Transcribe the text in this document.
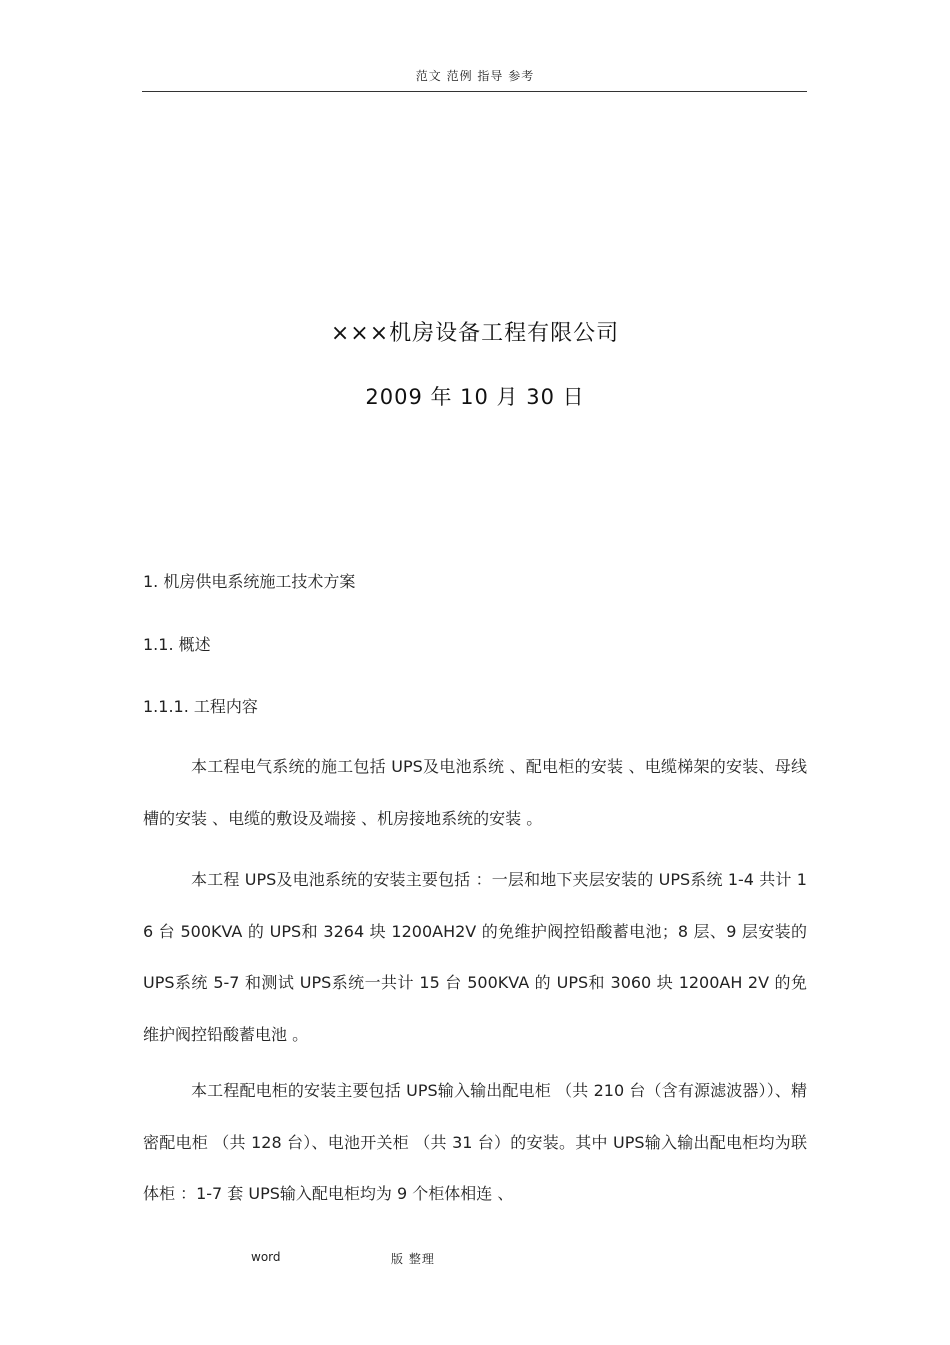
范文 范例 指导 参考
×××机房设备工程有限公司
2009 年 10 月 30 日
1. 机房供电系统施工技术方案
1.1. 概述
1.1.1. 工程内容

本工程电气系统的施工包括 UPS及电池系统 、配电柜的安装 、电缆梯架的安装、母线槽的安装 、电缆的敷设及端接 、机房接地系统的安装 。

本工程 UPS及电池系统的安装主要包括 ：一层和地下夹层安装的 UPS系统 1-4 共计 16 台 500KVA 的 UPS和 3264 块 1200AH2V 的免维护阀控铅酸蓄电池；8 层、9 层安装的 UPS系统 5-7 和测试 UPS系统一共计 15 台 500KVA 的 UPS和 3060 块 1200AH 2V 的免维护阀控铅酸蓄电池 。

本工程配电柜的安装主要包括 UPS输入输出配电柜 （共 210 台（含有源滤波器））、精密配电柜 （共 128 台）、电池开关柜 （共 31 台）的安装。其中 UPS输入输出配电柜均为联体柜 ：1-7 套 UPS输入配电柜均为 9 个柜体相连 、

word	版 整理
